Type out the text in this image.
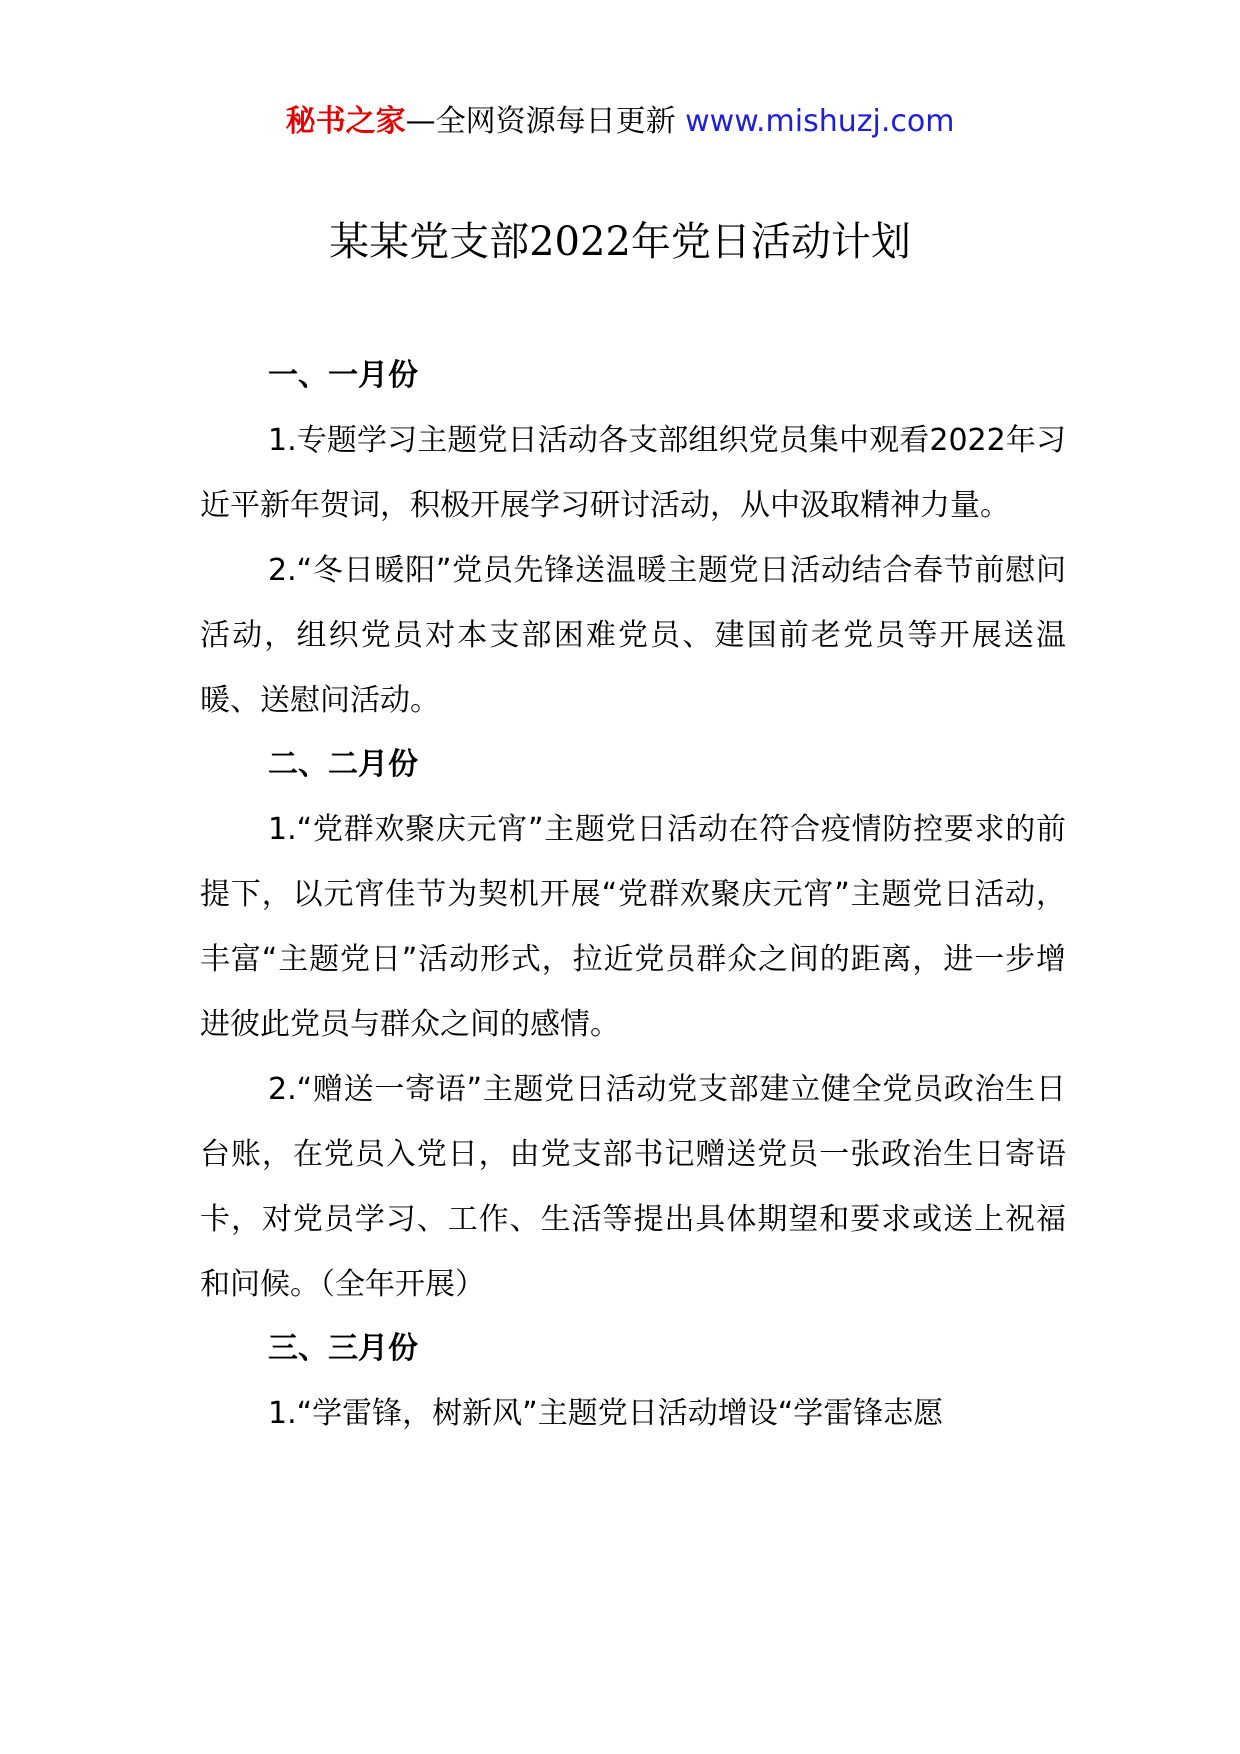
秘书之家—全网资源每日更新 www.mishuzj.com
某某党支部2022年党日活动计划

一、一月份

1.专题学习主题党日活动各支部组织党员集中观看2022年习近平新年贺词，积极开展学习研讨活动，从中汲取精神力量。

2.“冬日暖阳”党员先锋送温暖主题党日活动结合春节前慰问活动，组织党员对本支部困难党员、建国前老党员等开展送温暖、送慰问活动。

二、二月份

1.“党群欢聚庆元宵”主题党日活动在符合疫情防控要求的前提下，以元宵佳节为契机开展“党群欢聚庆元宵”主题党日活动，丰富“主题党日”活动形式，拉近党员群众之间的距离，进一步增进彼此党员与群众之间的感情。

2.“赠送一寄语”主题党日活动党支部建立健全党员政治生日台账，在党员入党日，由党支部书记赠送党员一张政治生日寄语卡，对党员学习、工作、生活等提出具体期望和要求或送上祝福和问候。（全年开展）

三、三月份

1.“学雷锋，树新风”主题党日活动增设“学雷锋志愿
